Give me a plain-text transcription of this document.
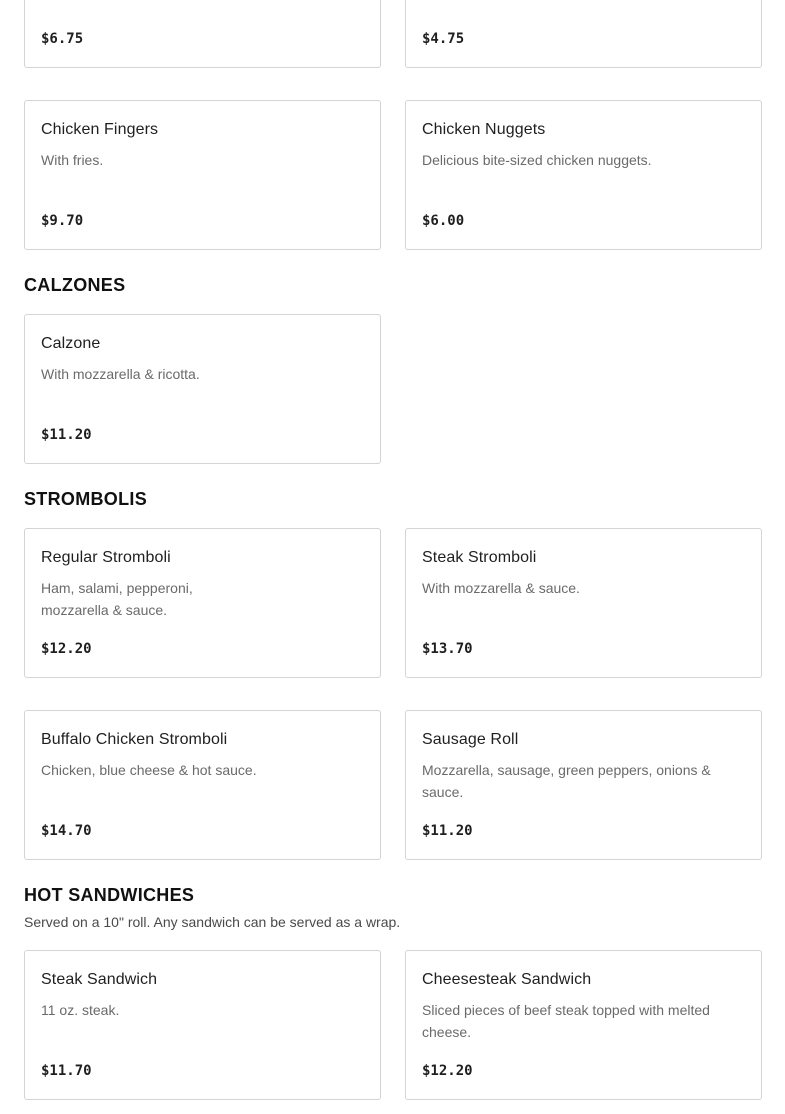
$6.75	$4.75
Chicken Fingers
With fries.
$9.70
Chicken Nuggets
Delicious bite-sized chicken nuggets.
$6.00
CALZONES
Calzone
With mozzarella & ricotta.
$11.20
STROMBOLIS
Regular Stromboli
Ham, salami, pepperoni, mozzarella & sauce.
$12.20
Steak Stromboli
With mozzarella & sauce.
$13.70
Buffalo Chicken Stromboli
Chicken, blue cheese & hot sauce.
$14.70
Sausage Roll
Mozzarella, sausage, green peppers, onions & sauce.
$11.20
HOT SANDWICHES
Served on a 10" roll. Any sandwich can be served as a wrap.
Steak Sandwich
11 oz. steak.
$11.70
Cheesesteak Sandwich
Sliced pieces of beef steak topped with melted cheese.
$12.20
